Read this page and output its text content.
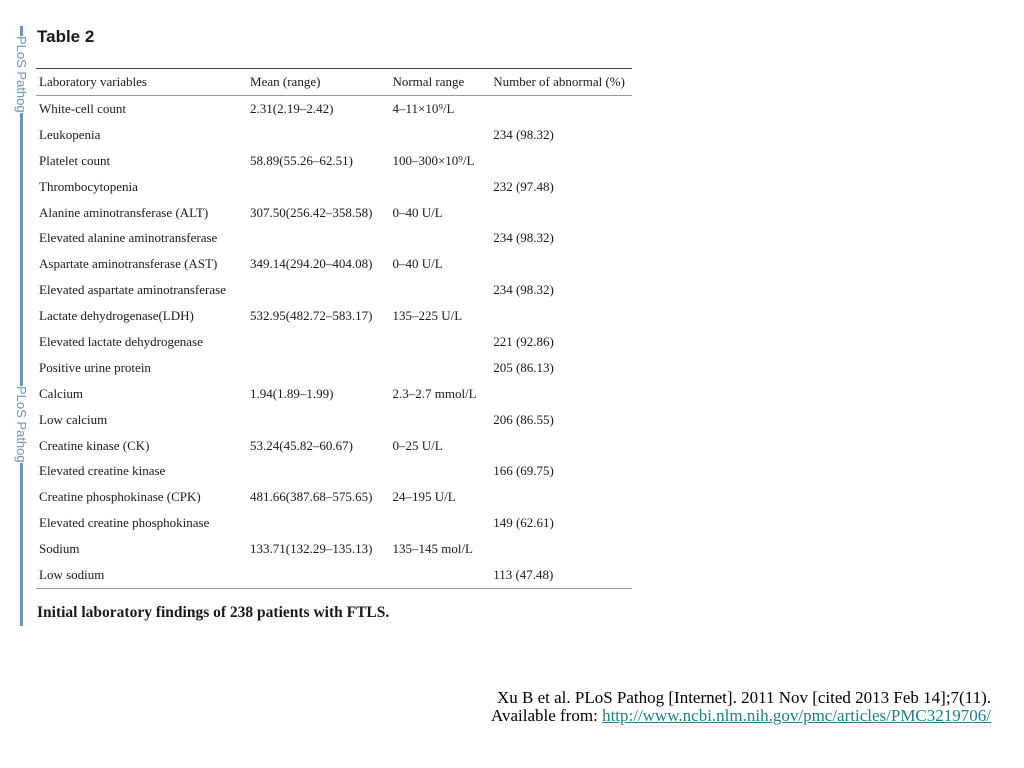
PLoS Pathog
PLoS Pathog
Table 2
Laboratory variables	Mean (range)	Normal range	Number of abnormal (%)
White-cell count	2.31(2.19–2.42)	4–11×10⁹/L	
Leukopenia			234 (98.32)
Platelet count	58.89(55.26–62.51)	100–300×10⁹/L	
Thrombocytopenia			232 (97.48)
Alanine aminotransferase (ALT)	307.50(256.42–358.58)	0–40 U/L	
Elevated alanine aminotransferase			234 (98.32)
Aspartate aminotransferase (AST)	349.14(294.20–404.08)	0–40 U/L	
Elevated aspartate aminotransferase			234 (98.32)
Lactate dehydrogenase(LDH)	532.95(482.72–583.17)	135–225 U/L	
Elevated lactate dehydrogenase			221 (92.86)
Positive urine protein			205 (86.13)
Calcium	1.94(1.89–1.99)	2.3–2.7 mmol/L	
Low calcium			206 (86.55)
Creatine kinase (CK)	53.24(45.82–60.67)	0–25 U/L	
Elevated creatine kinase			166 (69.75)
Creatine phosphokinase (CPK)	481.66(387.68–575.65)	24–195 U/L	
Elevated creatine phosphokinase			149 (62.61)
Sodium	133.71(132.29–135.13)	135–145 mol/L	
Low sodium			113 (47.48)
Initial laboratory findings of 238 patients with FTLS.
Xu B et al. PLoS Pathog [Internet]. 2011 Nov [cited 2013 Feb 14];7(11).
Available from: http://www.ncbi.nlm.nih.gov/pmc/articles/PMC3219706/
